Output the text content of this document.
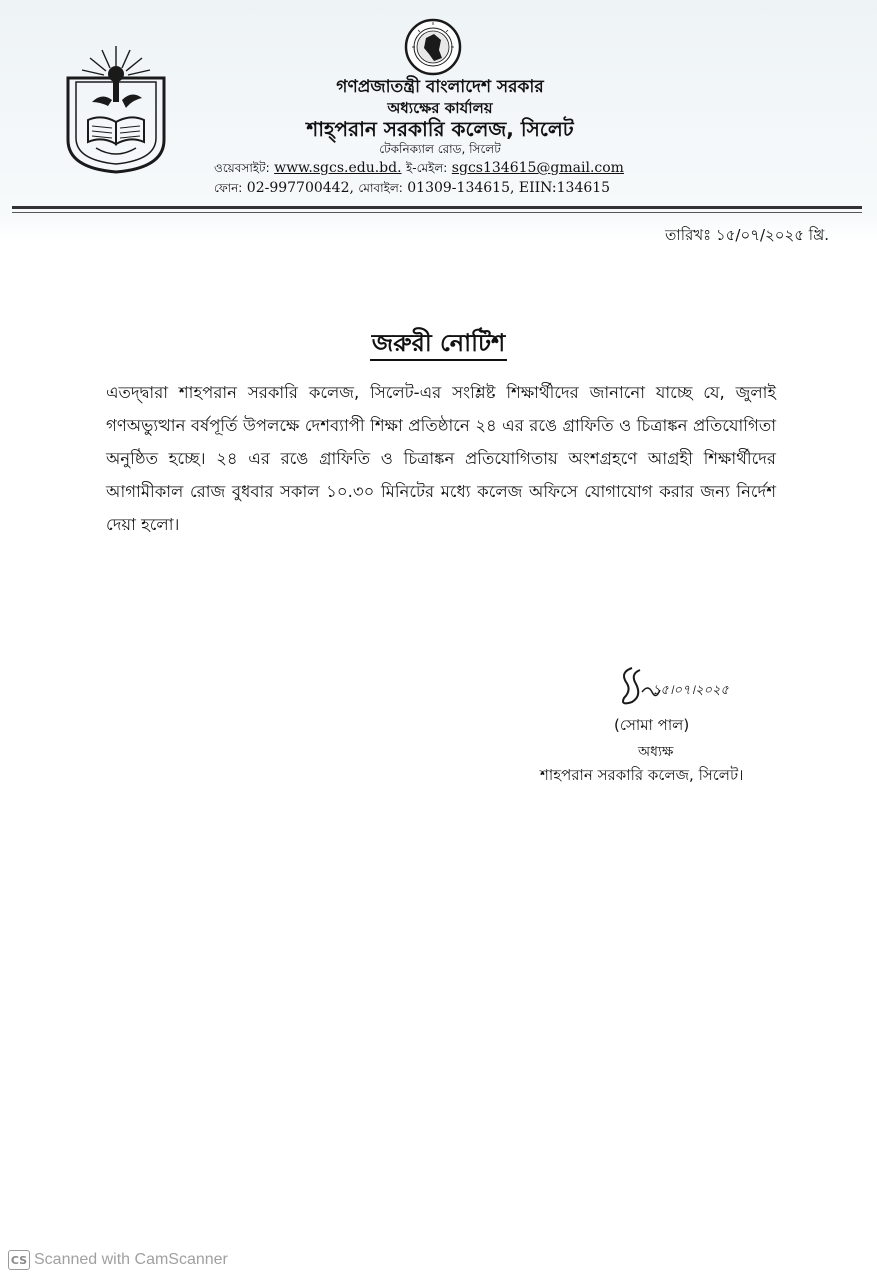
গণপ্রজাতন্ত্রী বাংলাদেশ সরকার
অধ্যক্ষের কার্যালয়
শাহ্‌পরান সরকারি কলেজ, সিলেট
টেকনিক্যাল রোড, সিলেট
ওয়েবসাইট: www.sgcs.edu.bd. ই-মেইল: sgcs134615@gmail.com
ফোন: 02-997700442, মোবাইল: 01309-134615, EIIN:134615
তারিখঃ ১৫/০৭/২০২৫ খ্রি.
জরুরী নোটিশ
এতদ্দ্বারা শাহপরান সরকারি কলেজ, সিলেট-এর সংশ্লিষ্ট শিক্ষার্থীদের জানানো যাচ্ছে যে, জুলাই গণঅভ্যুত্থান বর্ষপূর্তি উপলক্ষে দেশব্যাপী শিক্ষা প্রতিষ্ঠানে ২৪ এর রঙে গ্রাফিতি ও চিত্রাঙ্কন প্রতিযোগিতা অনুষ্ঠিত হচ্ছে। ২৪ এর রঙে গ্রাফিতি ও চিত্রাঙ্কন প্রতিযোগিতায় অংশগ্রহণে আগ্রহী শিক্ষার্থীদের আগামীকাল রোজ বুধবার সকাল ১০.৩০ মিনিটের মধ্যে কলেজ অফিসে যোগাযোগ করার জন্য নির্দেশ দেয়া হলো।
১৫।০৭।২০২৫
(সোমা পাল)
অধ্যক্ষ
শাহপরান সরকারি কলেজ, সিলেট।
CS Scanned with CamScanner
